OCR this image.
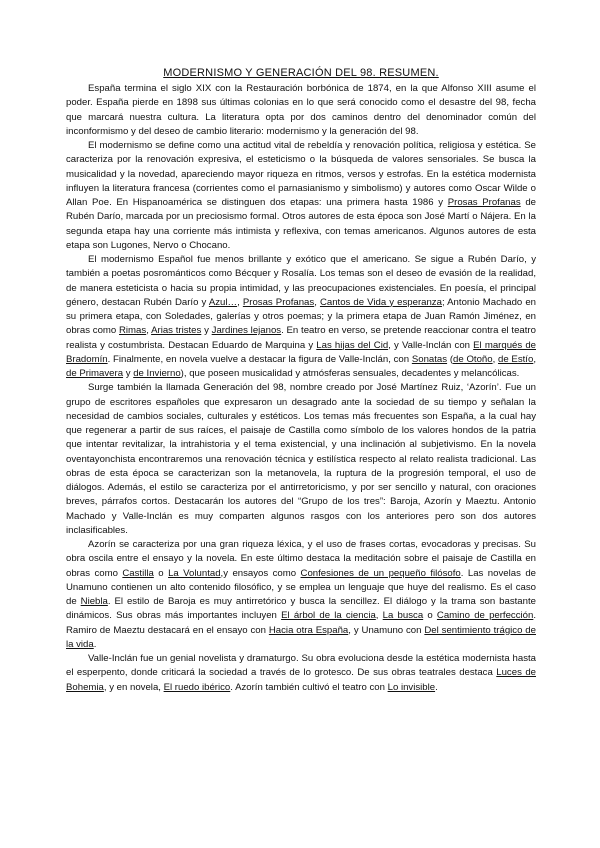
MODERNISMO Y GENERACIÓN DEL 98. RESUMEN.

España termina el siglo XIX con la Restauración borbónica de 1874, en la que Alfonso XIII asume el poder. España pierde en 1898 sus últimas colonias en lo que será conocido como el desastre del 98, fecha que marcará nuestra cultura. La literatura opta por dos caminos dentro del denominador común del inconformismo y del deseo de cambio literario: modernismo y la generación del 98.

El modernismo se define como una actitud vital de rebeldía y renovación política, religiosa y estética. Se caracteriza por la renovación expresiva, el esteticismo o la búsqueda de valores sensoriales. Se busca la musicalidad y la novedad, apareciendo mayor riqueza en ritmos, versos y estrofas. En la estética modernista influyen la literatura francesa (corrientes como el parnasianismo y simbolismo) y autores como Oscar Wilde o Allan Poe. En Hispanoamérica se distinguen dos etapas: una primera hasta 1986 y Prosas Profanas de Rubén Darío, marcada por un preciosismo formal. Otros autores de esta época son José Martí o Nájera. En la segunda etapa hay una corriente más intimista y reflexiva, con temas americanos. Algunos autores de esta etapa son Lugones, Nervo o Chocano.

El modernismo Español fue menos brillante y exótico que el americano. Se sigue a Rubén Darío, y también a poetas posrománticos como Bécquer y Rosalía. Los temas son el deseo de evasión de la realidad, de manera esteticista o hacia su propia intimidad, y las preocupaciones existenciales. En poesía, el principal género, destacan Rubén Darío y Azul…, Prosas Profanas, Cantos de Vida y esperanza; Antonio Machado en su primera etapa, con Soledades, galerías y otros poemas; y la primera etapa de Juan Ramón Jiménez, en obras como Rimas, Arias tristes y Jardines lejanos. En teatro en verso, se pretende reaccionar contra el teatro realista y costumbrista. Destacan Eduardo de Marquina y Las hijas del Cid, y Valle-Inclán con El marqués de Bradomín. Finalmente, en novela vuelve a destacar la figura de Valle-Inclán, con Sonatas (de Otoño, de Estío, de Primavera y de Invierno), que poseen musicalidad y atmósferas sensuales, decadentes y melancólicas.

Surge también la llamada Generación del 98, nombre creado por José Martínez Ruiz, ‘Azorín’. Fue un grupo de escritores españoles que expresaron un desagrado ante la sociedad de su tiempo y señalan la necesidad de cambios sociales, culturales y estéticos. Los temas más frecuentes son España, a la cual hay que regenerar a partir de sus raíces, el paisaje de Castilla como símbolo de los valores hondos de la patria que intentar revitalizar, la intrahistoria y el tema existencial, y una inclinación al subjetivismo. En la novela oventayonchista encontraremos una renovación técnica y estilística respecto al relato realista tradicional. Las obras de esta época se caracterizan son la metanovela, la ruptura de la progresión temporal, el uso de diálogos. Además, el estilo se caracteriza por el antirretoricismo, y por ser sencillo y natural, con oraciones breves, párrafos cortos. Destacarán los autores del “Grupo de los tres”: Baroja, Azorín y Maeztu. Antonio Machado y Valle-Inclán es muy comparten algunos rasgos con los anteriores pero son dos autores inclasificables.

Azorín se caracteriza por una gran riqueza léxica, y el uso de frases cortas, evocadoras y precisas. Su obra oscila entre el ensayo y la novela. En este último destaca la meditación sobre el paisaje de Castilla en obras como Castilla o La Voluntad,y ensayos como Confesiones de un pequeño filósofo. Las novelas de Unamuno contienen un alto contenido filosófico, y se emplea un lenguaje que huye del realismo. Es el caso de Niebla. El estilo de Baroja es muy antirretórico y busca la sencillez. El diálogo y la trama son bastante dinámicos. Sus obras más importantes incluyen El árbol de la ciencia, La busca o Camino de perfección. Ramiro de Maeztu destacará en el ensayo con Hacia otra España, y Unamuno con Del sentimiento trágico de la vida.

Valle-Inclán fue un genial novelista y dramaturgo. Su obra evoluciona desde la estética modernista hasta el esperpento, donde criticará la sociedad a través de lo grotesco. De sus obras teatrales destaca Luces de Bohemia, y en novela, El ruedo ibérico. Azorín también cultivó el teatro con Lo invisible.
